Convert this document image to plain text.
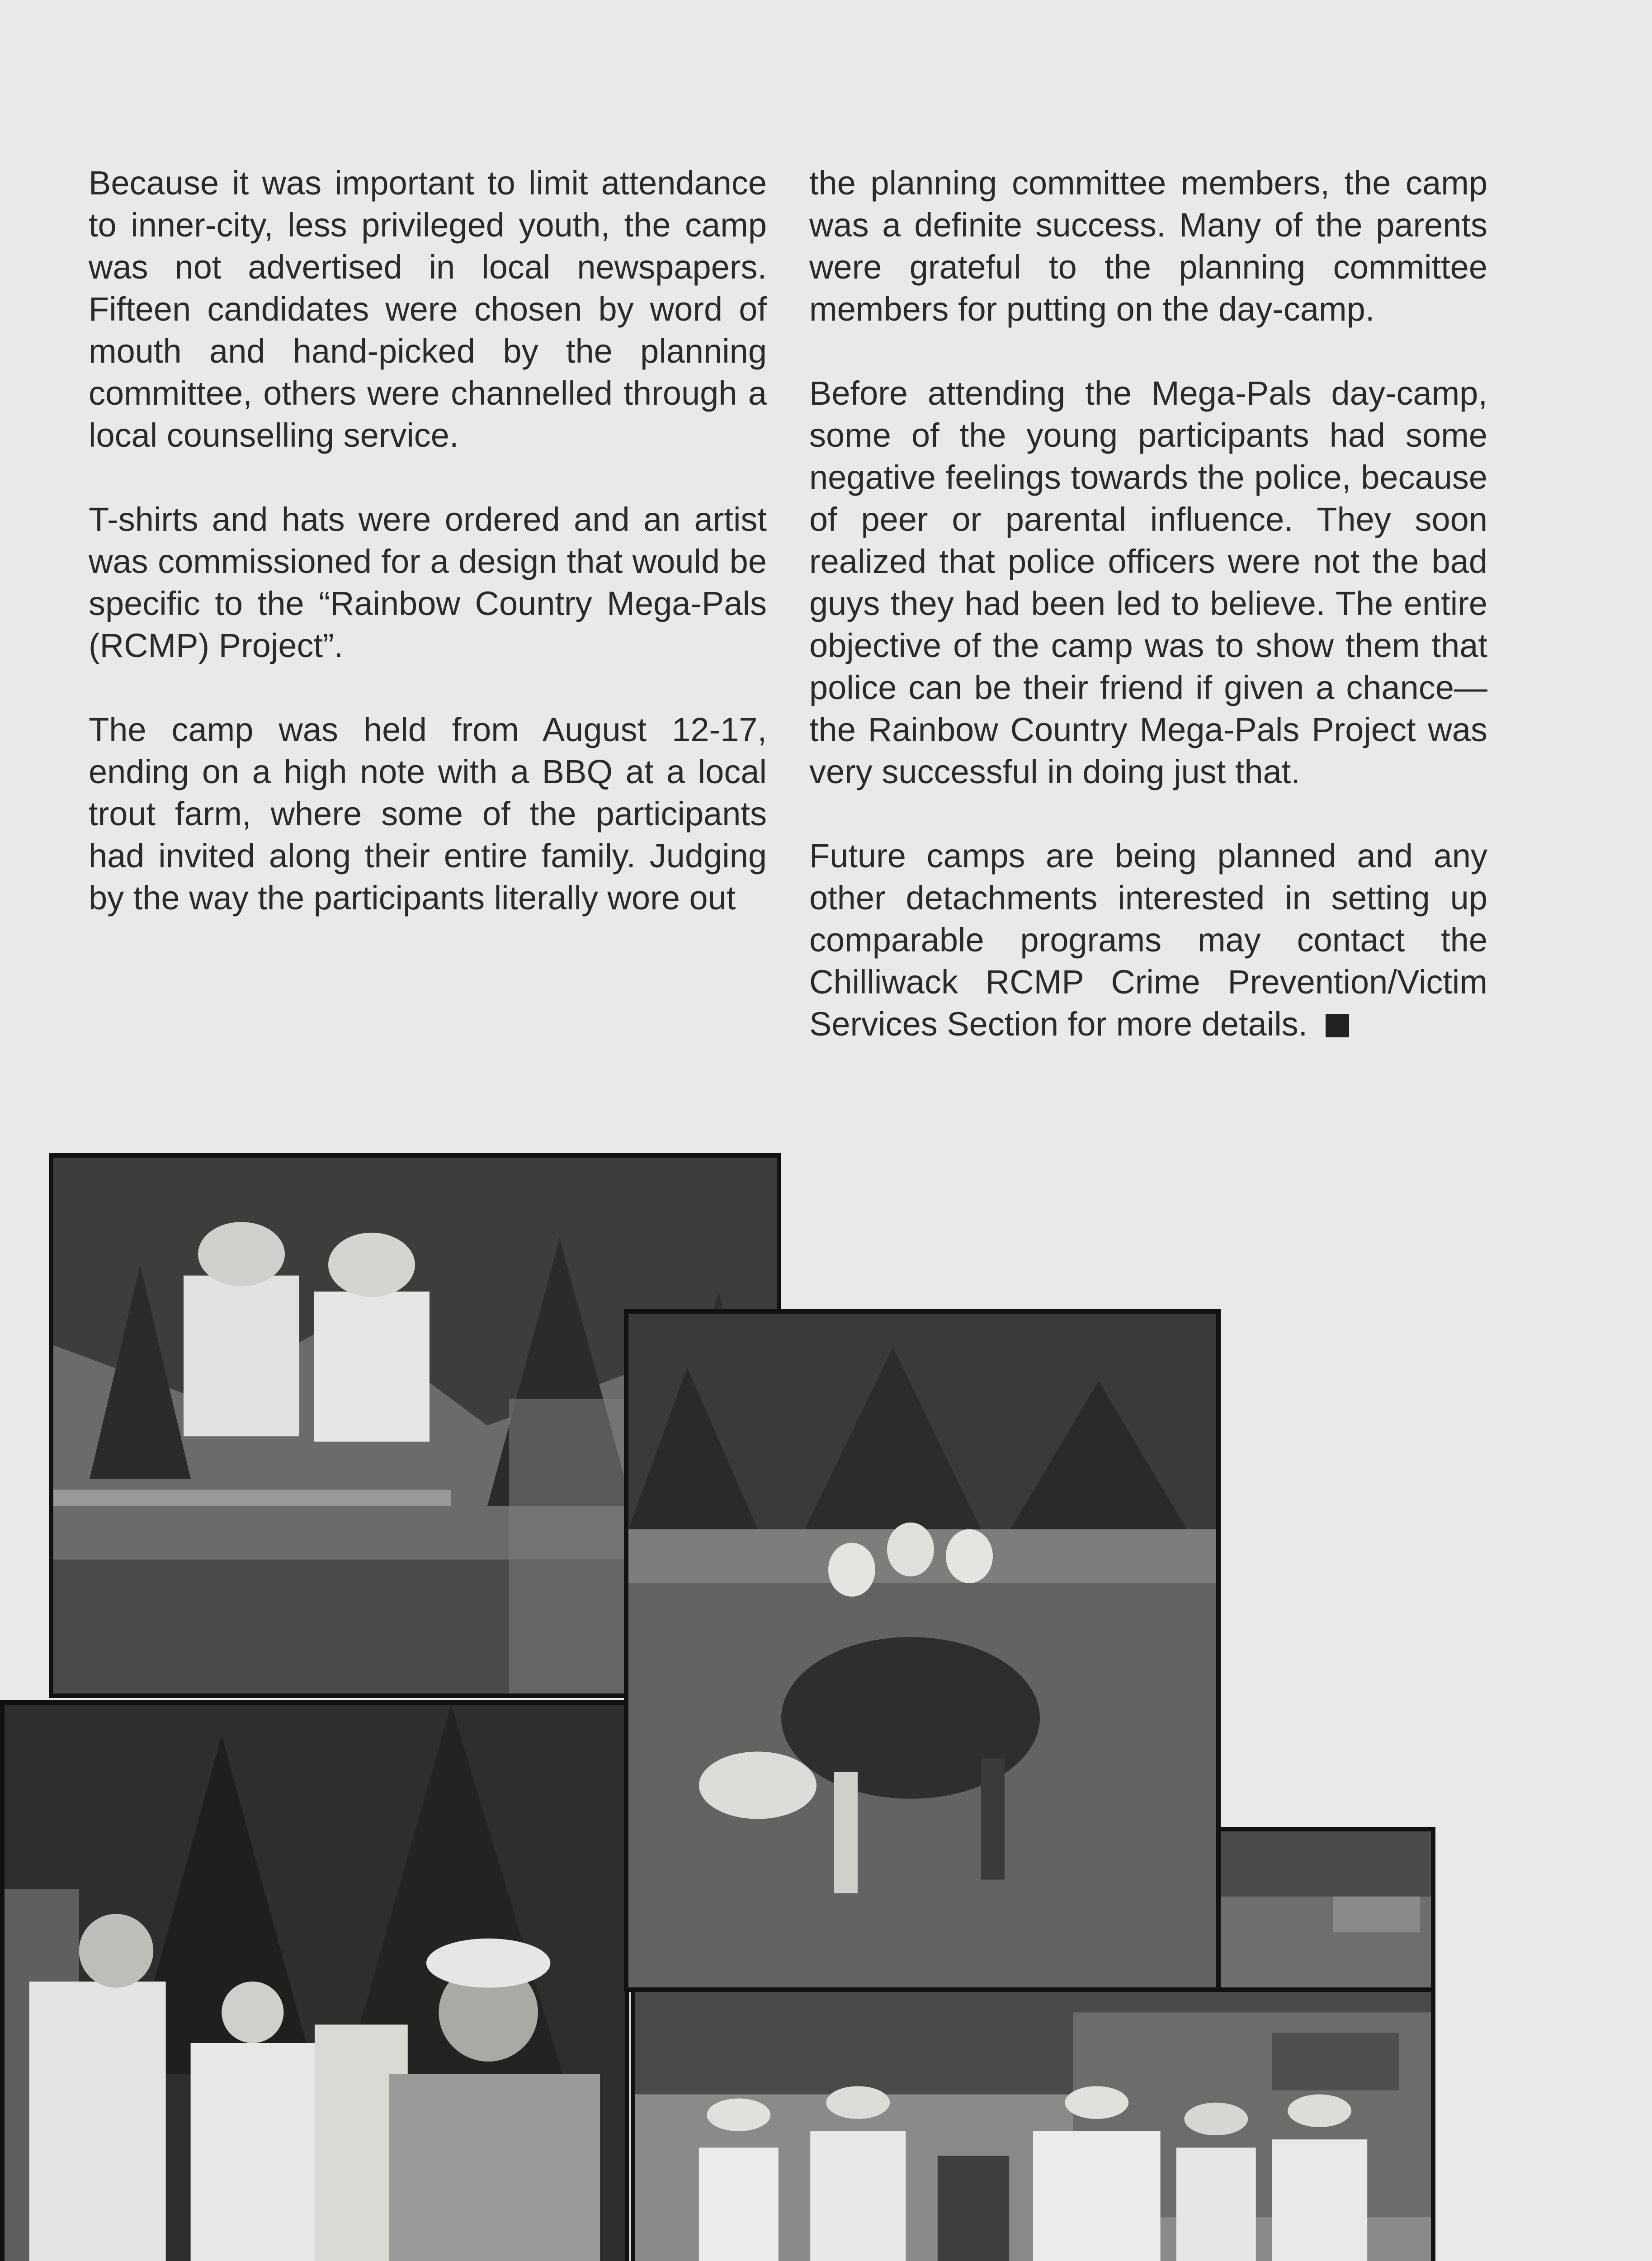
Because it was important to limit attendance to inner-city, less privileged youth, the camp was not advertised in local newspapers. Fifteen candidates were chosen by word of mouth and hand-picked by the planning committee, others were channelled through a local counselling service.

T-shirts and hats were ordered and an artist was commissioned for a design that would be specific to the “Rainbow Country Mega-Pals (RCMP) Project”.

The camp was held from August 12-17, ending on a high note with a BBQ at a local trout farm, where some of the participants had invited along their entire family. Judging by the way the participants literally wore out

the planning committee members, the camp was a definite success. Many of the parents were grateful to the planning committee members for putting on the day-camp.

Before attending the Mega-Pals day-camp, some of the young participants had some negative feelings towards the police, because of peer or parental influence. They soon realized that police officers were not the bad guys they had been led to believe. The entire objective of the camp was to show them that police can be their friend if given a chance—the Rainbow Country Mega-Pals Project was very successful in doing just that.

Future camps are being planned and any other detachments interested in setting up comparable programs may contact the Chilliwack RCMP Crime Prevention/Victim Services Section for more details.
